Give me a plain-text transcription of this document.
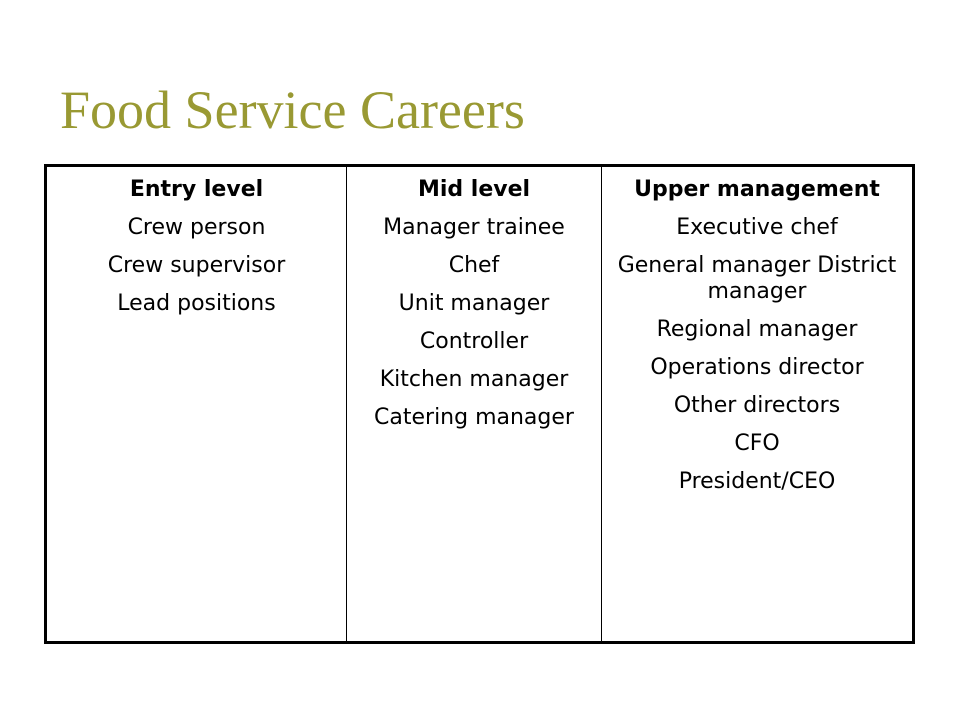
Food Service Careers
Entry level
Crew person
Crew supervisor
Lead positions
Mid level
Manager trainee
Chef
Unit manager
Controller
Kitchen manager
Catering manager
Upper management
Executive chef
General manager District manager
Regional manager
Operations director
Other directors
CFO
President/CEO
